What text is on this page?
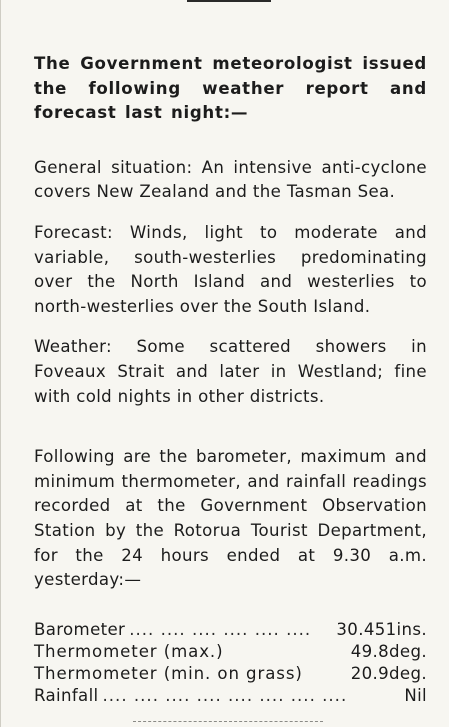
The Government meteorologist issued the following weather report and forecast last night:—

General situation: An intensive anti-cyclone covers New Zealand and the Tasman Sea.

Forecast: Winds, light to moderate and variable, south-westerlies predominating over the North Island and westerlies to north-westerlies over the South Island.

Weather: Some scattered showers in Foveaux Strait and later in Westland; fine with cold nights in other districts.

Following are the barometer, maximum and minimum thermometer, and rainfall readings recorded at the Government Observation Station by the Rotorua Tourist Department, for the 24 hours ended at 9.30 a.m. yesterday:—

Barometer .... .... .... .... .... ....	30.451ins.
Thermometer (max.)	49.8deg.
Thermometer (min. on grass)	20.9deg.
Rainfall .... .... .... .... .... .... .... ....	Nil
